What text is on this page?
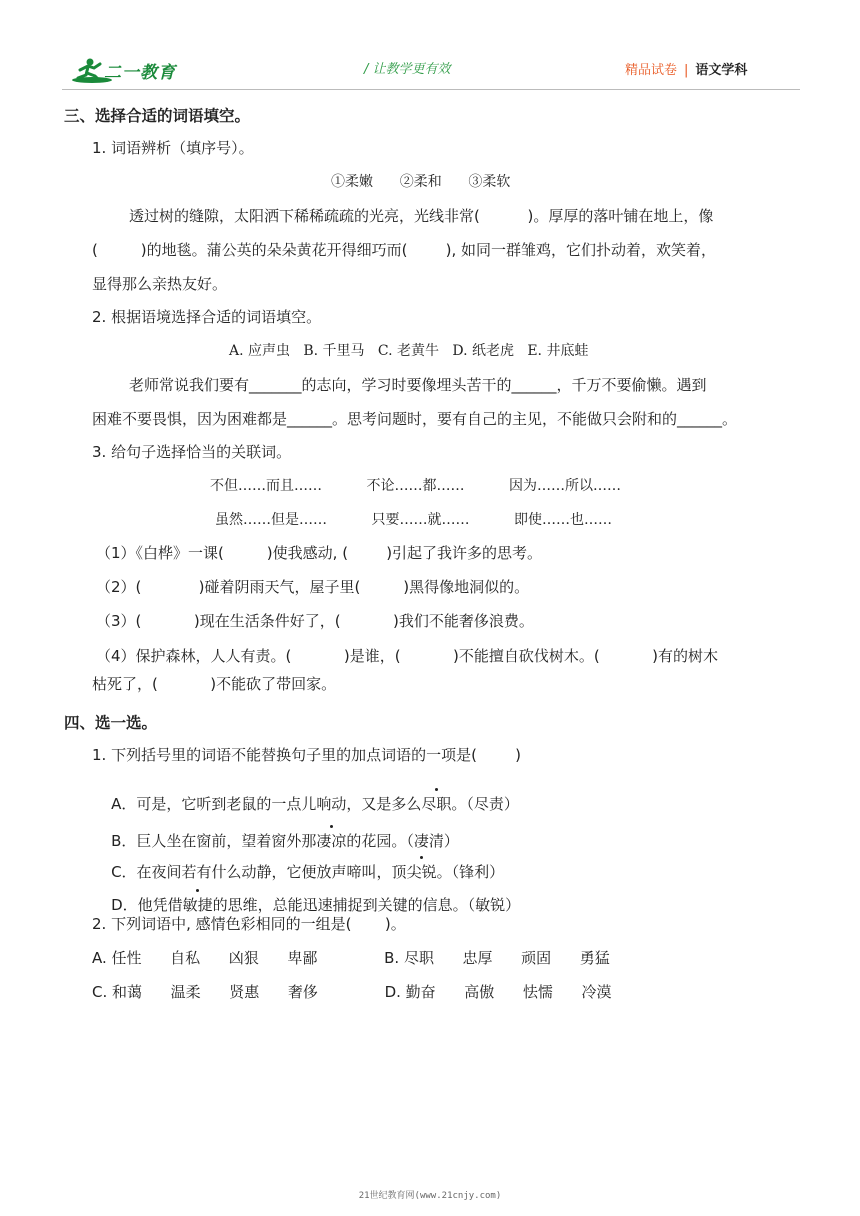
二一教育	/ 让教学更有效	精品试卷 | 语文学科
三、选择合适的词语填空。
1. 词语辨析（填序号）。
①柔嫩      ②柔和      ③柔软
透过树的缝隙，太阳洒下稀稀疏疏的光亮，光线非常(          )。厚厚的落叶铺在地上，像
(         )的地毯。蒲公英的朵朵黄花开得细巧而(        ), 如同一群雏鸡，它们扑动着，欢笑着，
显得那么亲热友好。
2. 根据语境选择合适的词语填空。
A. 应声虫   B. 千里马   C. 老黄牛   D. 纸老虎   E. 井底蛙
老师常说我们要有_______的志向，学习时要像埋头苦干的______，千万不要偷懒。遇到
困难不要畏惧，因为困难都是______。思考问题时，要有自己的主见，不能做只会附和的______。
3. 给句子选择恰当的关联词。
不但……而且……          不论……都……          因为……所以……
虽然……但是……          只要……就……          即使……也……
（1）《白桦》一课(         )使我感动, (        )引起了我许多的思考。
（2）(            )碰着阴雨天气，屋子里(         )黑得像地洞似的。
（3）(           )现在生活条件好了，(           )我们不能奢侈浪费。
（4）保护森林，人人有责。(           )是谁，(           )不能擅自砍伐树木。(           )有的树木
枯死了，(           )不能砍了带回家。
四、选一选。
1. 下列括号里的词语不能替换句子里的加点词语的一项是(        )

A．可是，它听到老鼠的一点儿响动，又是多么尽职。（尽责）

B．巨人坐在窗前，望着窗外那凄凉的花园。（凄清）

C．在夜间若有什么动静，它便放声啼叫，顶尖锐。（锋利）

D．他凭借敏捷的思维，总能迅速捕捉到关键的信息。（敏锐）

2. 下列词语中, 感情色彩相同的一组是(       )。
A. 任性      自私      凶狠      卑鄙              B. 尽职      忠厚      顽固      勇猛
C. 和蔼      温柔      贤惠      奢侈              D. 勤奋      高傲      怯懦      冷漠
21世纪教育网(www.21cnjy.com)
